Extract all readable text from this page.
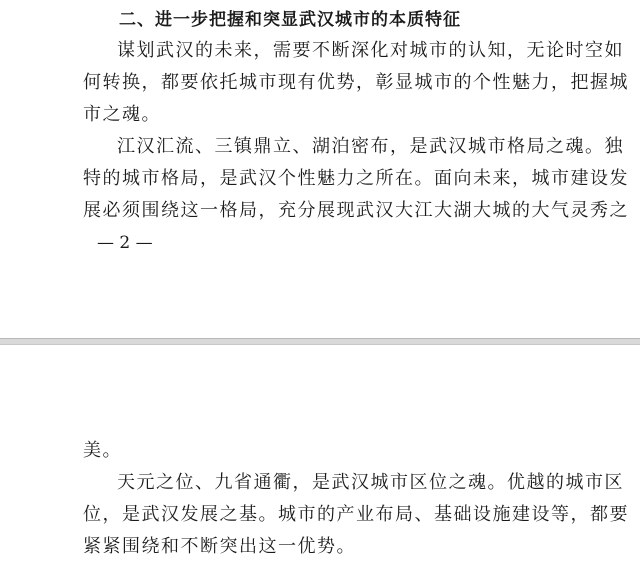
二、进一步把握和突显武汉城市的本质特征
谋划武汉的未来，需要不断深化对城市的认知，无论时空如
何转换，都要依托城市现有优势，彰显城市的个性魅力，把握城
市之魂。
江汉汇流、三镇鼎立、湖泊密布，是武汉城市格局之魂。独
特的城市格局，是武汉个性魅力之所在。面向未来，城市建设发
展必须围绕这一格局，充分展现武汉大江大湖大城的大气灵秀之
— 2 —
美。
天元之位、九省通衢，是武汉城市区位之魂。优越的城市区
位，是武汉发展之基。城市的产业布局、基础设施建设等，都要
紧紧围绕和不断突出这一优势。
